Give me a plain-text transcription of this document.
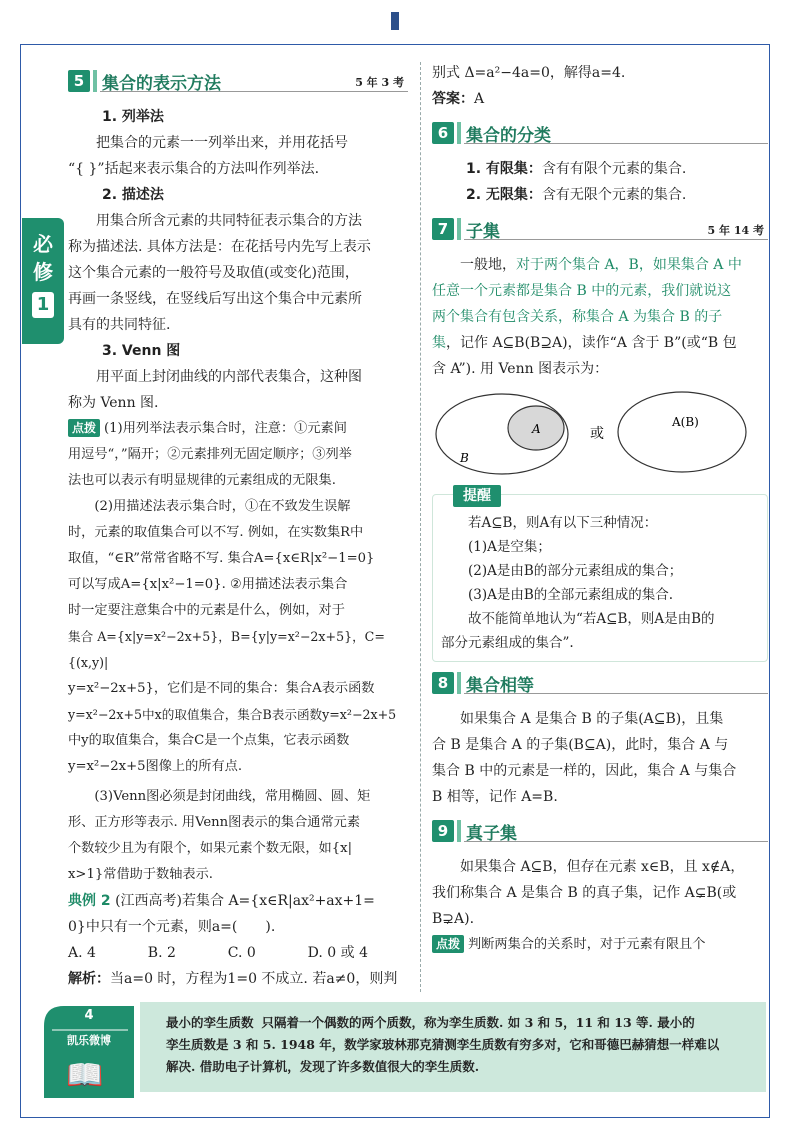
必
修
1
5	集合的表示方法	5 年 3 考
1. 列举法

把集合的元素一一列举出来，并用花括号

“{ }”括起来表示集合的方法叫作列举法.

2. 描述法

用集合所含元素的共同特征表示集合的方法

称为描述法. 具体方法是：在花括号内先写上表示

这个集合元素的一般符号及取值(或变化)范围，

再画一条竖线，在竖线后写出这个集合中元素所

具有的共同特征.

3. Venn 图

用平面上封闭曲线的内部代表集合，这种图

称为 Venn 图.

点拨 (1)用列举法表示集合时，注意：①元素间

用逗号“，”隔开；②元素排列无固定顺序；③列举

法也可以表示有明显规律的元素组成的无限集.

(2)用描述法表示集合时，①在不致发生误解

时，元素的取值集合可以不写. 例如，在实数集R中

取值，“∈R”常常省略不写. 集合A={x∈R|x²−1=0}

可以写成A={x|x²−1=0}. ②用描述法表示集合

时一定要注意集合中的元素是什么，例如，对于

集合 A={x|y=x²−2x+5}，B={y|y=x²−2x+5}，C={(x,y)|

y=x²−2x+5}，它们是不同的集合：集合A表示函数

y=x²−2x+5中x的取值集合，集合B表示函数y=x²−2x+5

中y的取值集合，集合C是一个点集，它表示函数

y=x²−2x+5图像上的所有点.

(3)Venn图必须是封闭曲线，常用椭圆、圆、矩

形、正方形等表示. 用Venn图表示的集合通常元素

个数较少且为有限个，如果元素个数无限，如{x|

x>1}常借助于数轴表示.

典例 2 (江西高考)若集合 A={x∈R|ax²+ax+1=

0}中只有一个元素，则a=(　　).

A. 4	B. 2	C. 0	D. 0 或 4

解析：当a=0 时，方程为1=0 不成立. 若a≠0，则判

别式 Δ=a²−4a=0，解得a=4.

答案：A

6	集合的分类

1. 有限集：含有有限个元素的集合.

2. 无限集：含有无限个元素的集合.

7	子集	5 年 14 考

一般地，对于两个集合 A，B，如果集合 A 中

任意一个元素都是集合 B 中的元素，我们就说这

两个集合有包含关系，称集合 A 为集合 B 的子

集，记作 A⊆B(B⊇A)，读作“A 含于 B”(或“B 包

含 A”). 用 Venn 图表示为：

A
B
或
A(B)
提醒

若A⊆B，则A有以下三种情况：

(1)A是空集；

(2)A是由B的部分元素组成的集合；

(3)A是由B的全部元素组成的集合.

故不能简单地认为“若A⊆B，则A是由B的

部分元素组成的集合”.

8	集合相等

如果集合 A 是集合 B 的子集(A⊆B)，且集

合 B 是集合 A 的子集(B⊆A)，此时，集合 A 与

集合 B 中的元素是一样的，因此，集合 A 与集合

B 相等，记作 A=B.

9	真子集

如果集合 A⊆B，但存在元素 x∈B，且 x∉A，

我们称集合 A 是集合 B 的真子集，记作 A⊊B(或

B⊋A).

点拨 判断两集合的关系时，对于元素有限且个

4
凯乐微博
📖
最小的孪生质数 只隔着一个偶数的两个质数，称为孪生质数. 如 3 和 5，11 和 13 等. 最小的
孪生质数是 3 和 5. 1948 年，数学家玻林那克猜测孪生质数有穷多对，它和哥德巴赫猜想一样难以
解决. 借助电子计算机，发现了许多数值很大的孪生质数.
